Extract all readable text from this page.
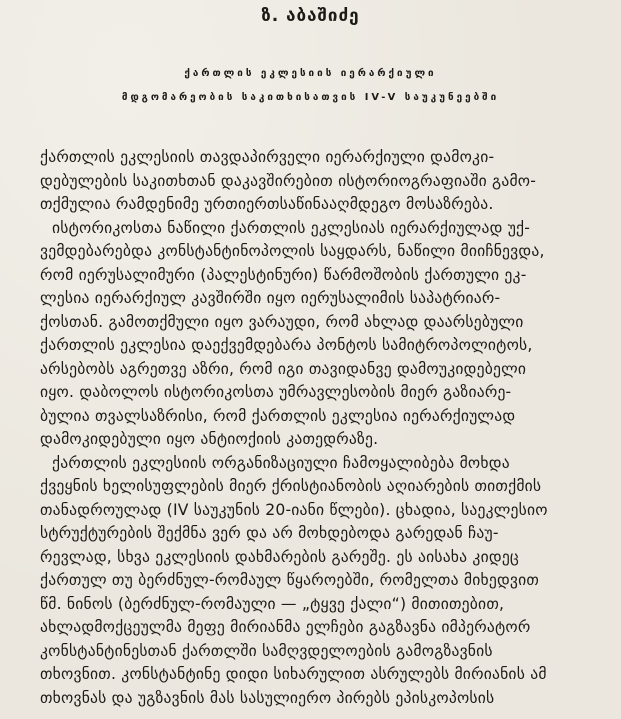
ზ. აბაშიძე
ქართლის ეკლესიის იერარქიული
მდგომარეობის საკითხისათვის IV-V საუკუნეებში
ქართლის ეკლესიის თავდაპირველი იერარქიული დამოკი-
დებულების საკითხთან დაკავშირებით ისტორიოგრაფიაში გამო-
თქმულია რამდენიმე ურთიერთსაწინააღმდეგო მოსაზრება.
ისტორიკოსთა ნაწილი ქართლის ეკლესიას იერარქიულად უქ-
ვემდებარებდა კონსტანტინოპოლის საყდარს, ნაწილი მიიჩნევდა,
რომ იერუსალიმური (პალესტინური) წარმოშობის ქართული ეკ-
ლესია იერარქიულ კავშირში იყო იერუსალიმის საპატრიარ-
ქოსთან. გამოთქმული იყო ვარაუდი, რომ ახლად დაარსებული
ქართლის ეკლესია დაექვემდებარა პონტოს სამიტროპოლიტოს,
არსებობს აგრეთვე აზრი, რომ იგი თავიდანვე დამოუკიდებელი
იყო. დაბოლოს ისტორიკოსთა უმრავლესობის მიერ გაზიარე-
ბულია თვალსაზრისი, რომ ქართლის ეკლესია იერარქიულად
დამოკიდებული იყო ანტიოქიის კათედრაზე.
ქართლის ეკლესიის ორგანიზაციული ჩამოყალიბება მოხდა
ქვეყნის ხელისუფლების მიერ ქრისტიანობის აღიარების თითქმის
თანადროულად (IV საუკუნის 20-იანი წლები). ცხადია, საეკლესიო
სტრუქტურების შექმნა ვერ და არ მოხდებოდა გარედან ჩაუ-
რევლად, სხვა ეკლესიის დახმარების გარეშე. ეს აისახა კიდეც
ქართულ თუ ბერძნულ-რომაულ წყაროებში, რომელთა მიხედვით
წმ. ნინოს (ბერძნულ-რომაული — „ტყვე ქალი“) მითითებით,
ახლადმოქცეულმა მეფე მირიანმა ელჩები გაგზავნა იმპერატორ
კონსტანტინესთან ქართლში სამღვდელოების გამოგზავნის
თხოვნით. კონსტანტინე დიდი სიხარულით ასრულებს მირიანის ამ
თხოვნას და უგზავნის მას სასულიერო პირებს ეპისკოპოსის
